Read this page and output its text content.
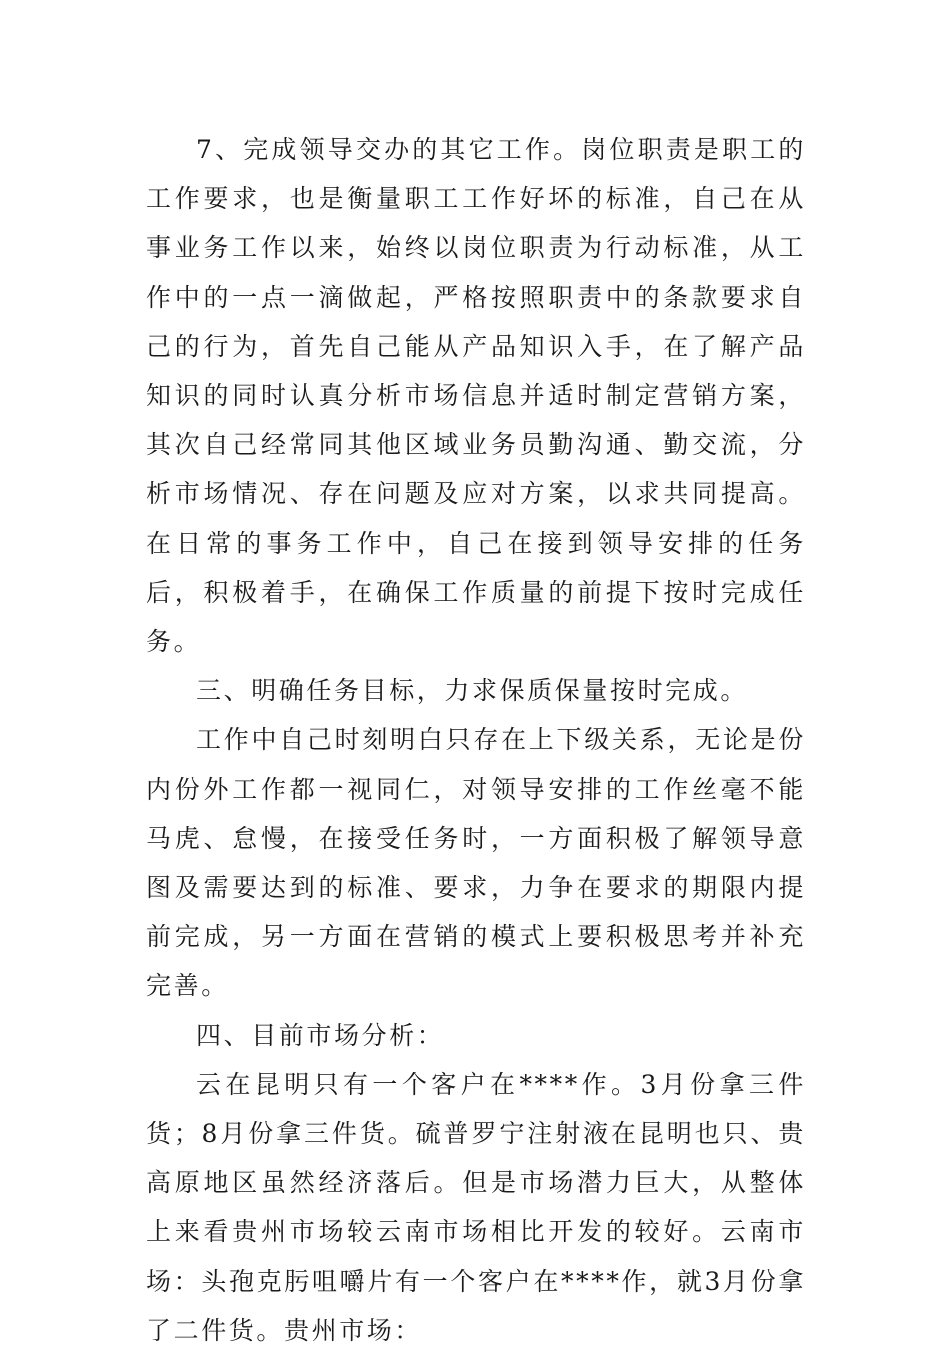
7、完成领导交办的其它工作。岗位职责是职工的工作要求，也是衡量职工工作好坏的标准，自己在从事业务工作以来，始终以岗位职责为行动标准，从工作中的一点一滴做起，严格按照职责中的条款要求自己的行为，首先自己能从产品知识入手，在了解产品知识的同时认真分析市场信息并适时制定营销方案，其次自己经常同其他区域业务员勤沟通、勤交流，分析市场情况、存在问题及应对方案，以求共同提高。在日常的事务工作中，自己在接到领导安排的任务后，积极着手，在确保工作质量的前提下按时完成任务。

三、明确任务目标，力求保质保量按时完成。

工作中自己时刻明白只存在上下级关系，无论是份内份外工作都一视同仁，对领导安排的工作丝毫不能马虎、怠慢，在接受任务时，一方面积极了解领导意图及需要达到的标准、要求，力争在要求的期限内提前完成，另一方面在营销的模式上要积极思考并补充完善。

四、目前市场分析：

云在昆明只有一个客户在****作。3月份拿三件货；8月份拿三件货。硫普罗宁注射液在昆明也只、贵高原地区虽然经济落后。但是市场潜力巨大，从整体上来看贵州市场较云南市场相比开发的较好。云南市场：头孢克肟咀嚼片有一个客户在****作，就3月份拿了二件货。贵州市场：
